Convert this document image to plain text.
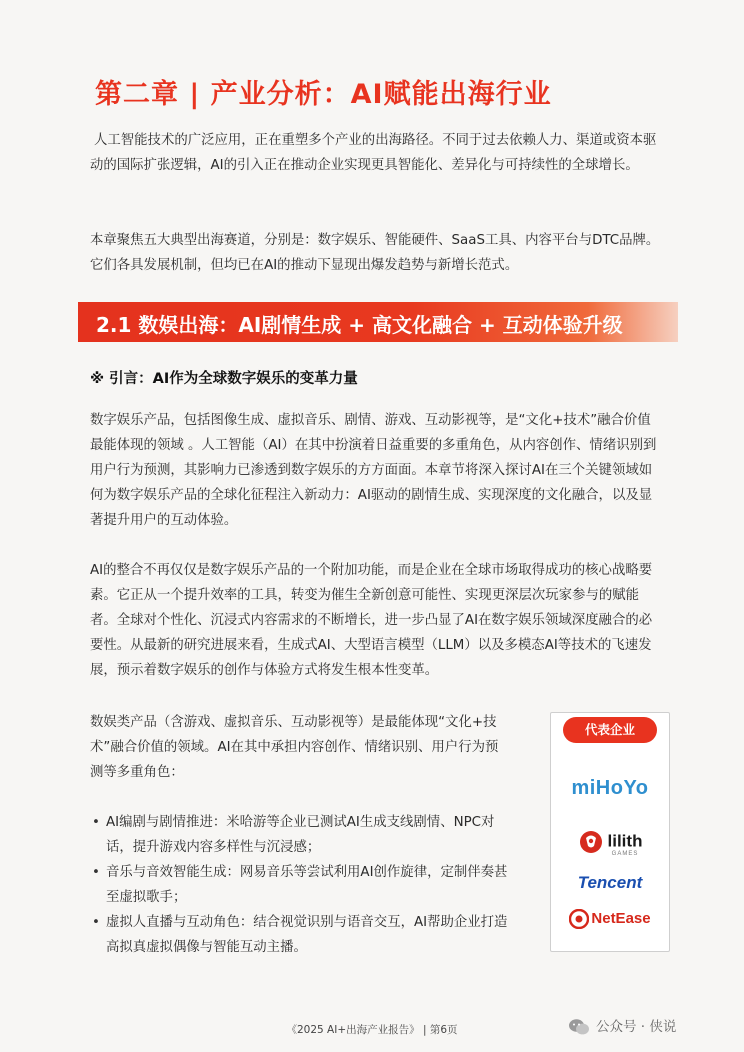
第二章 | 产业分析：AI赋能出海行业

人工智能技术的广泛应用，正在重塑多个产业的出海路径。不同于过去依赖人力、渠道或资本驱动的国际扩张逻辑，AI的引入正在推动企业实现更具智能化、差异化与可持续性的全球增长。

本章聚焦五大典型出海赛道，分别是：数字娱乐、智能硬件、SaaS工具、内容平台与DTC品牌。它们各具发展机制，但均已在AI的推动下显现出爆发趋势与新增长范式。

2.1 数娱出海：AI剧情生成 + 高文化融合 + 互动体验升级
※ 引言：AI作为全球数字娱乐的变革力量

数字娱乐产品，包括图像生成、虚拟音乐、剧情、游戏、互动影视等，是“文化+技术”融合价值最能体现的领域 。人工智能（AI）在其中扮演着日益重要的多重角色，从内容创作、情绪识别到用户行为预测，其影响力已渗透到数字娱乐的方方面面。本章节将深入探讨AI在三个关键领域如何为数字娱乐产品的全球化征程注入新动力：AI驱动的剧情生成、实现深度的文化融合，以及显著提升用户的互动体验。

AI的整合不再仅仅是数字娱乐产品的一个附加功能，而是企业在全球市场取得成功的核心战略要素。它正从一个提升效率的工具，转变为催生全新创意可能性、实现更深层次玩家参与的赋能者。全球对个性化、沉浸式内容需求的不断增长，进一步凸显了AI在数字娱乐领域深度融合的必要性。从最新的研究进展来看，生成式AI、大型语言模型（LLM）以及多模态AI等技术的飞速发展，预示着数字娱乐的创作与体验方式将发生根本性变革。

数娱类产品（含游戏、虚拟音乐、互动影视等）是最能体现“文化+技术”融合价值的领域。AI在其中承担内容创作、情绪识别、用户行为预测等多重角色：

• AI编剧与剧情推进：米哈游等企业已测试AI生成支线剧情、NPC对话，提升游戏内容多样性与沉浸感；
• 音乐与音效智能生成：网易音乐等尝试利用AI创作旋律，定制伴奏甚至虚拟歌手；
• 虚拟人直播与互动角色：结合视觉识别与语音交互，AI帮助企业打造高拟真虚拟偶像与智能互动主播。
代表企业
miHoYo
lilith
GAMES
Tencent
NetEase
《2025 AI+出海产业报告》 | 第6页	公众号 · 侠说
